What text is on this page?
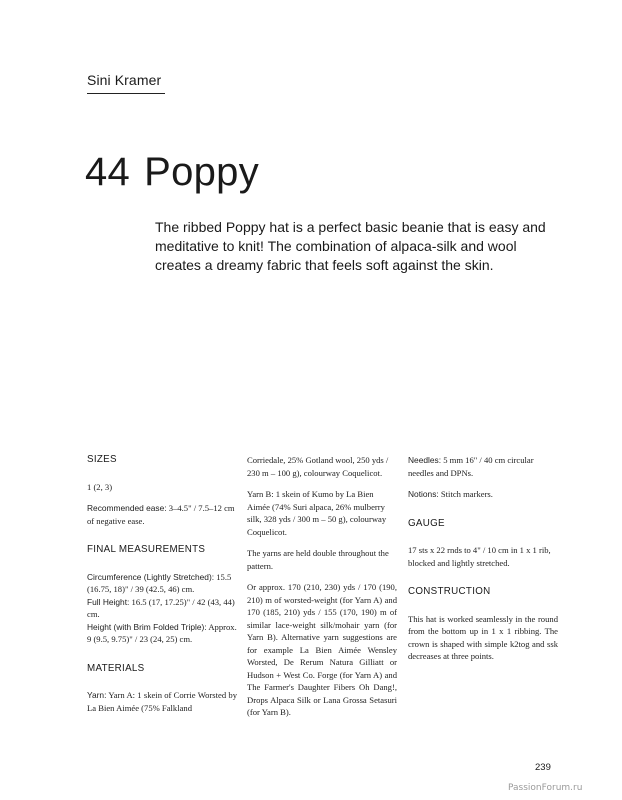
Sini Kramer
44 Poppy
The ribbed Poppy hat is a perfect basic beanie that is easy and meditative to knit! The combination of alpaca-silk and wool creates a dreamy fabric that feels soft against the skin.
SIZES
1 (2, 3)
Recommended ease: 3–4.5" / 7.5–12 cm of negative ease.
FINAL MEASUREMENTS
Circumference (Lightly Stretched): 15.5 (16.75, 18)" / 39 (42.5, 46) cm.
Full Height: 16.5 (17, 17.25)" / 42 (43, 44) cm.
Height (with Brim Folded Triple): Approx. 9 (9.5, 9.75)" / 23 (24, 25) cm.
MATERIALS
Yarn: Yarn A: 1 skein of Corrie Worsted by La Bien Aimée (75% Falkland
Corriedale, 25% Gotland wool, 250 yds / 230 m – 100 g), colourway Coquelicot.
Yarn B: 1 skein of Kumo by La Bien Aimée (74% Suri alpaca, 26% mulberry silk, 328 yds / 300 m – 50 g), colourway Coquelicot.
The yarns are held double throughout the pattern.
Or approx. 170 (210, 230) yds / 170 (190, 210) m of worsted-weight (for Yarn A) and 170 (185, 210) yds / 155 (170, 190) m of similar lace-weight silk/mohair yarn (for Yarn B). Alternative yarn suggestions are for example La Bien Aimée Wensley Worsted, De Rerum Natura Gilliatt or Hudson + West Co. Forge (for Yarn A) and The Farmer's Daughter Fibers Oh Dang!, Drops Alpaca Silk or Lana Grossa Setasuri (for Yarn B).
Needles: 5 mm 16" / 40 cm circular needles and DPNs.
Notions: Stitch markers.
GAUGE
17 sts x 22 rnds to 4" / 10 cm in 1 x 1 rib, blocked and lightly stretched.
CONSTRUCTION
This hat is worked seamlessly in the round from the bottom up in 1 x 1 ribbing. The crown is shaped with simple k2tog and ssk decreases at three points.
239
PassionForum.ru
